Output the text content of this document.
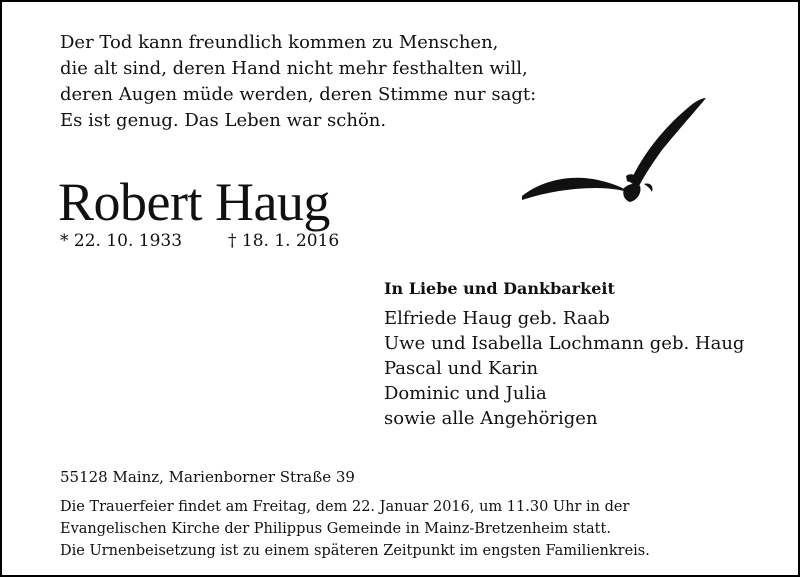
Der Tod kann freundlich kommen zu Menschen,
die alt sind, deren Hand nicht mehr festhalten will,
deren Augen müde werden, deren Stimme nur sagt:
Es ist genug. Das Leben war schön.
Robert Haug
* 22. 10. 1933	† 18. 1. 2016
In Liebe und Dankbarkeit
Elfriede Haug geb. Raab
Uwe und Isabella Lochmann geb. Haug
Pascal und Karin
Dominic und Julia
sowie alle Angehörigen
55128 Mainz, Marienborner Straße 39
Die Trauerfeier findet am Freitag, dem 22. Januar 2016, um 11.30 Uhr in der
Evangelischen Kirche der Philippus Gemeinde in Mainz-Bretzenheim statt.
Die Urnenbeisetzung ist zu einem späteren Zeitpunkt im engsten Familienkreis.
